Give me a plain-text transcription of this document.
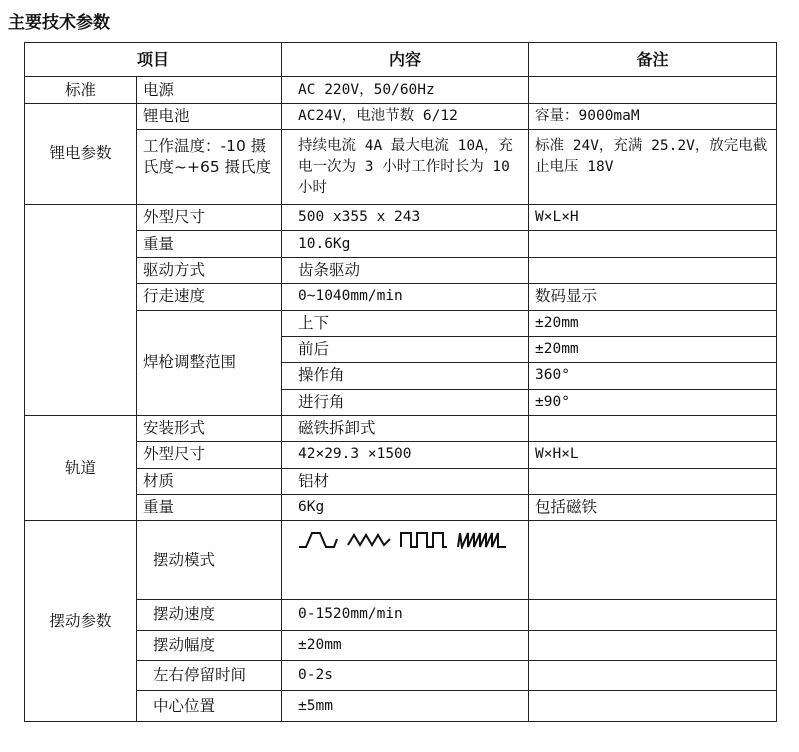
主要技术参数
项目		内容	备注
标准	电源	AC 220V，50/60Hz	
锂电参数	锂电池	AC24V，电池节数 6/12	容量：9000maM
	工作温度：-10 摄氏度~+65 摄氏度	持续电流 4A 最大电流 10A，充电一次为 3 小时工作时长为 10 小时	标准 24V，充满 25.2V，放完电截止电压 18V
	外型尺寸	500 x355 x 243	W×L×H
	重量	10.6Kg	
	驱动方式	齿条驱动	
	行走速度	0~1040mm/min	数码显示
	焊枪调整范围	上下	±20mm
		前后	±20mm
		操作角	360°
		进行角	±90°
轨道	安装形式	磁铁拆卸式	
	外型尺寸	42×29.3 ×1500	W×H×L
	材质	铝材	
	重量	6Kg	包括磁铁
摆动参数	摆动模式		
	摆动速度	0-1520mm/min	
	摆动幅度	±20mm	
	左右停留时间	0-2s	
	中心位置	±5mm	
